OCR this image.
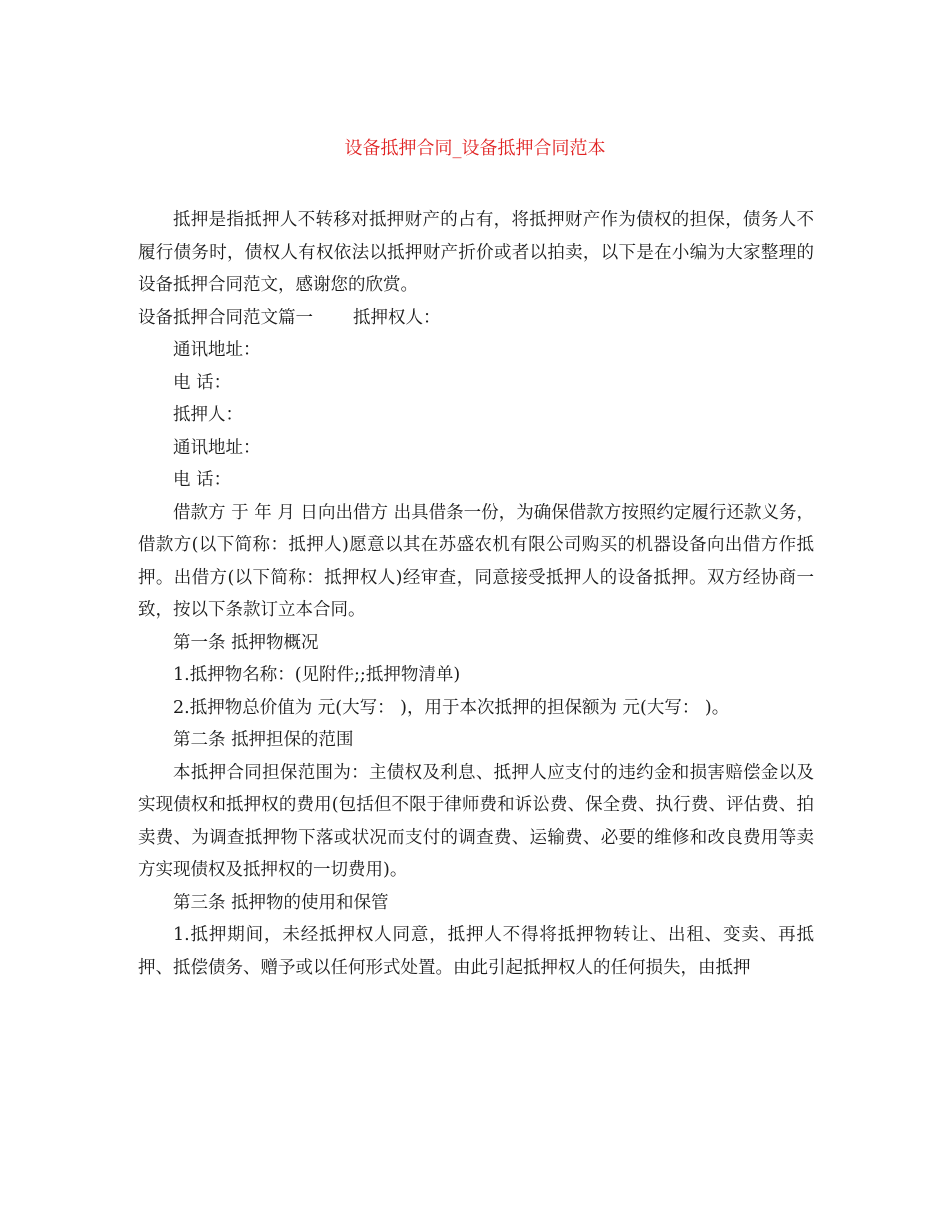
设备抵押合同_设备抵押合同范本

抵押是指抵押人不转移对抵押财产的占有，将抵押财产作为债权的担保，债务人不履行债务时，债权人有权依法以抵押财产折价或者以拍卖，以下是在小编为大家整理的设备抵押合同范文，感谢您的欣赏。

设备抵押合同范文篇一 抵押权人：

通讯地址：

电 话：

抵押人：

通讯地址：

电 话：

借款方 于 年 月 日向出借方 出具借条一份，为确保借款方按照约定履行还款义务，借款方(以下简称：抵押人)愿意以其在苏盛农机有限公司购买的机器设备向出借方作抵押。出借方(以下简称：抵押权人)经审查，同意接受抵押人的设备抵押。双方经协商一致，按以下条款订立本合同。

第一条 抵押物概况

1.抵押物名称：(见附件;;抵押物清单)

2.抵押物总价值为 元(大写： )，用于本次抵押的担保额为 元(大写： )。

第二条 抵押担保的范围

本抵押合同担保范围为：主债权及利息、抵押人应支付的违约金和损害赔偿金以及实现债权和抵押权的费用(包括但不限于律师费和诉讼费、保全费、执行费、评估费、拍卖费、为调查抵押物下落或状况而支付的调查费、运输费、必要的维修和改良费用等卖方实现债权及抵押权的一切费用)。

第三条 抵押物的使用和保管

1.抵押期间，未经抵押权人同意，抵押人不得将抵押物转让、出租、变卖、再抵押、抵偿债务、赠予或以任何形式处置。由此引起抵押权人的任何损失，由抵押
